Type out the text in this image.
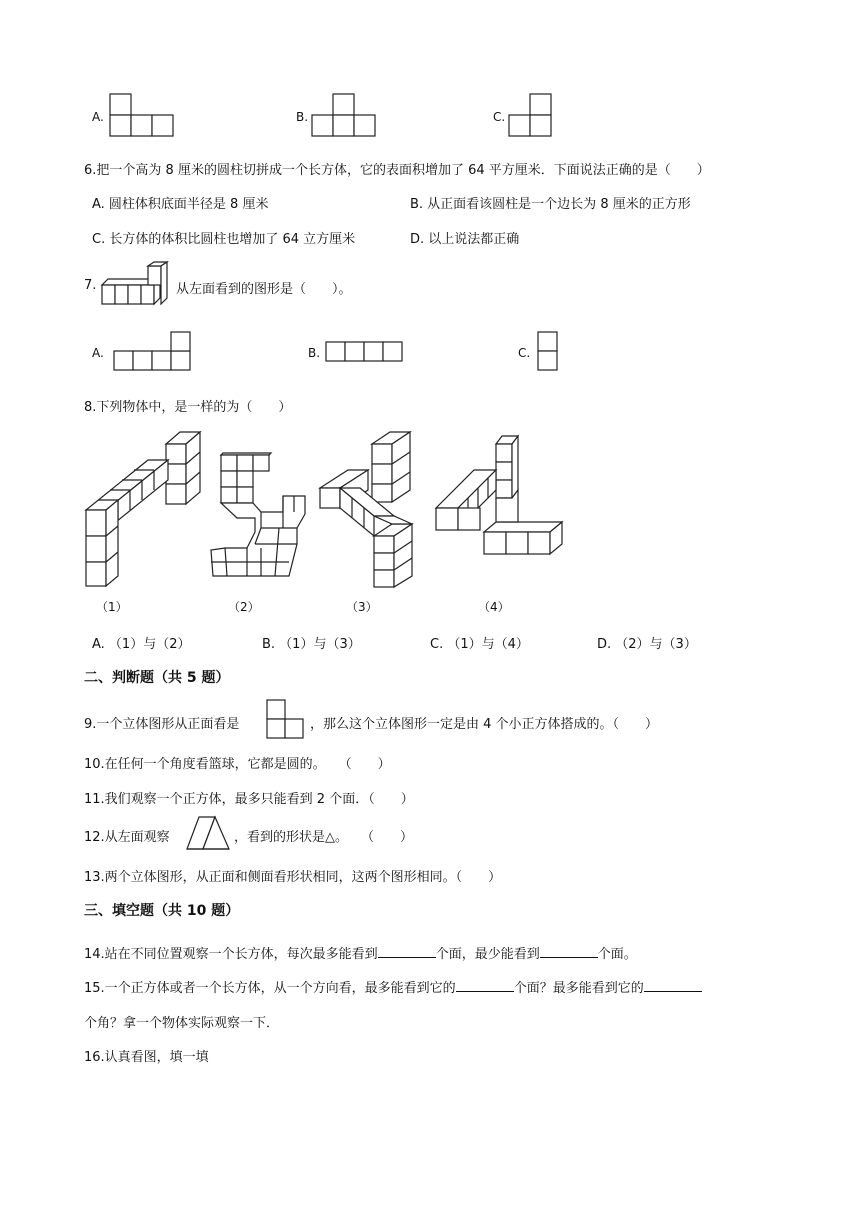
A.	B.	C.
6.把一个高为 8 厘米的圆柱切拼成一个长方体，它的表面积增加了 64 平方厘米．下面说法正确的是（　　）
A. 圆柱体积底面半径是 8 厘米	B. 从正面看该圆柱是一个边长为 8 厘米的正方形
C. 长方体的体积比圆柱也增加了 64 立方厘米	D. 以上说法都正确
7.	从左面看到的图形是（　　）。
A.	B.	C.
8.下列物体中，是一样的为（　　）
（1）	（2）	（3）	（4）
A. （1）与（2）	B. （1）与（3）	C. （1）与（4）	D. （2）与（3）
二、判断题（共 5 题）
9.一个立体图形从正面看是	，那么这个立体图形一定是由 4 个小正方体搭成的。（　　）
10.在任何一个角度看篮球，它都是圆的。　　（　　）
11.我们观察一个正方体，最多只能看到 2 个面．（　　）
12.从左面观察	，看到的形状是△。　　（　　）
13.两个立体图形，从正面和侧面看形状相同，这两个图形相同。（　　）
三、填空题（共 10 题）
14.站在不同位置观察一个长方体，每次最多能看到	个面，最少能看到	个面。
15.一个正方体或者一个长方体，从一个方向看，最多能看到它的	个面？最多能看到它的
个角？拿一个物体实际观察一下．
16.认真看图，填一填
